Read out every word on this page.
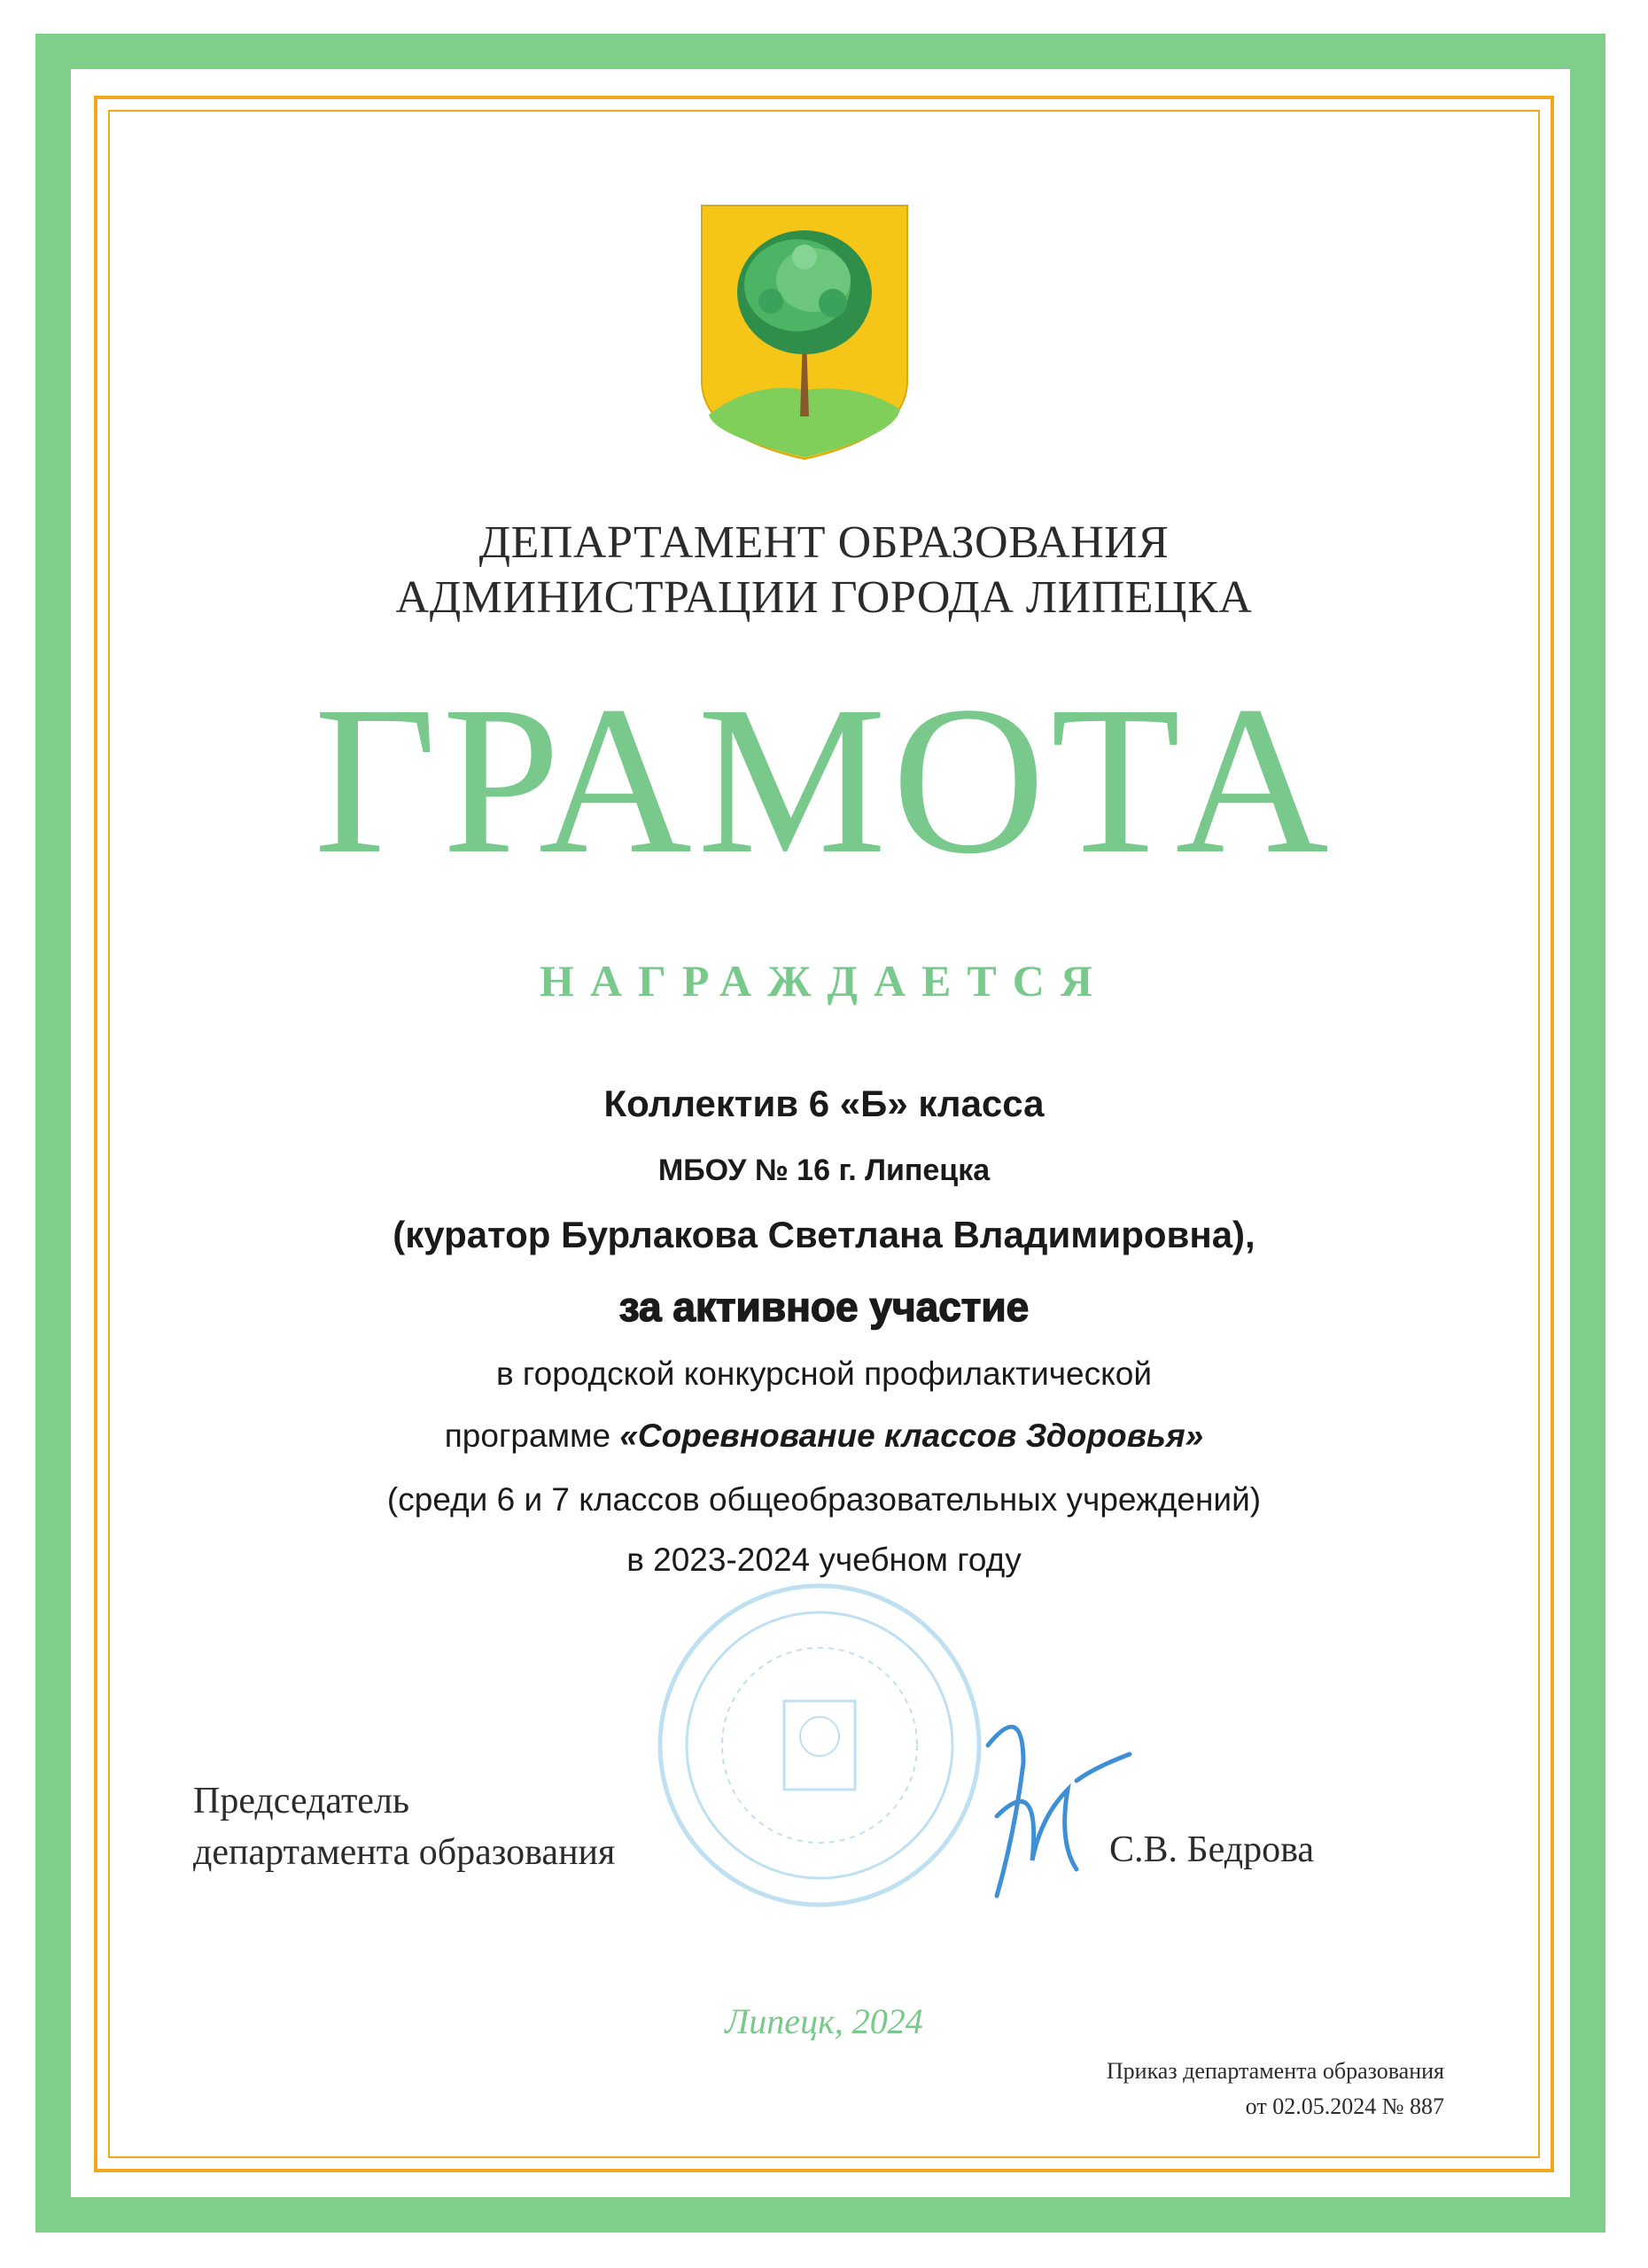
ДЕПАРТАМЕНТ ОБРАЗОВАНИЯ
АДМИНИСТРАЦИИ ГОРОДА ЛИПЕЦКА
ГРАМОТА
НАГРАЖДАЕТСЯ
Коллектив 6 «Б» класса
МБОУ № 16 г. Липецка
(куратор Бурлакова Светлана Владимировна),
за активное участие
в городской конкурсной профилактической
программе «Соревнование классов Здоровья»
(среди 6 и 7 классов общеобразовательных учреждений)
в 2023-2024 учебном году
Председатель
департамента образования	С.В. Бедрова
Липецк, 2024
Приказ департамента образования
от 02.05.2024 № 887
